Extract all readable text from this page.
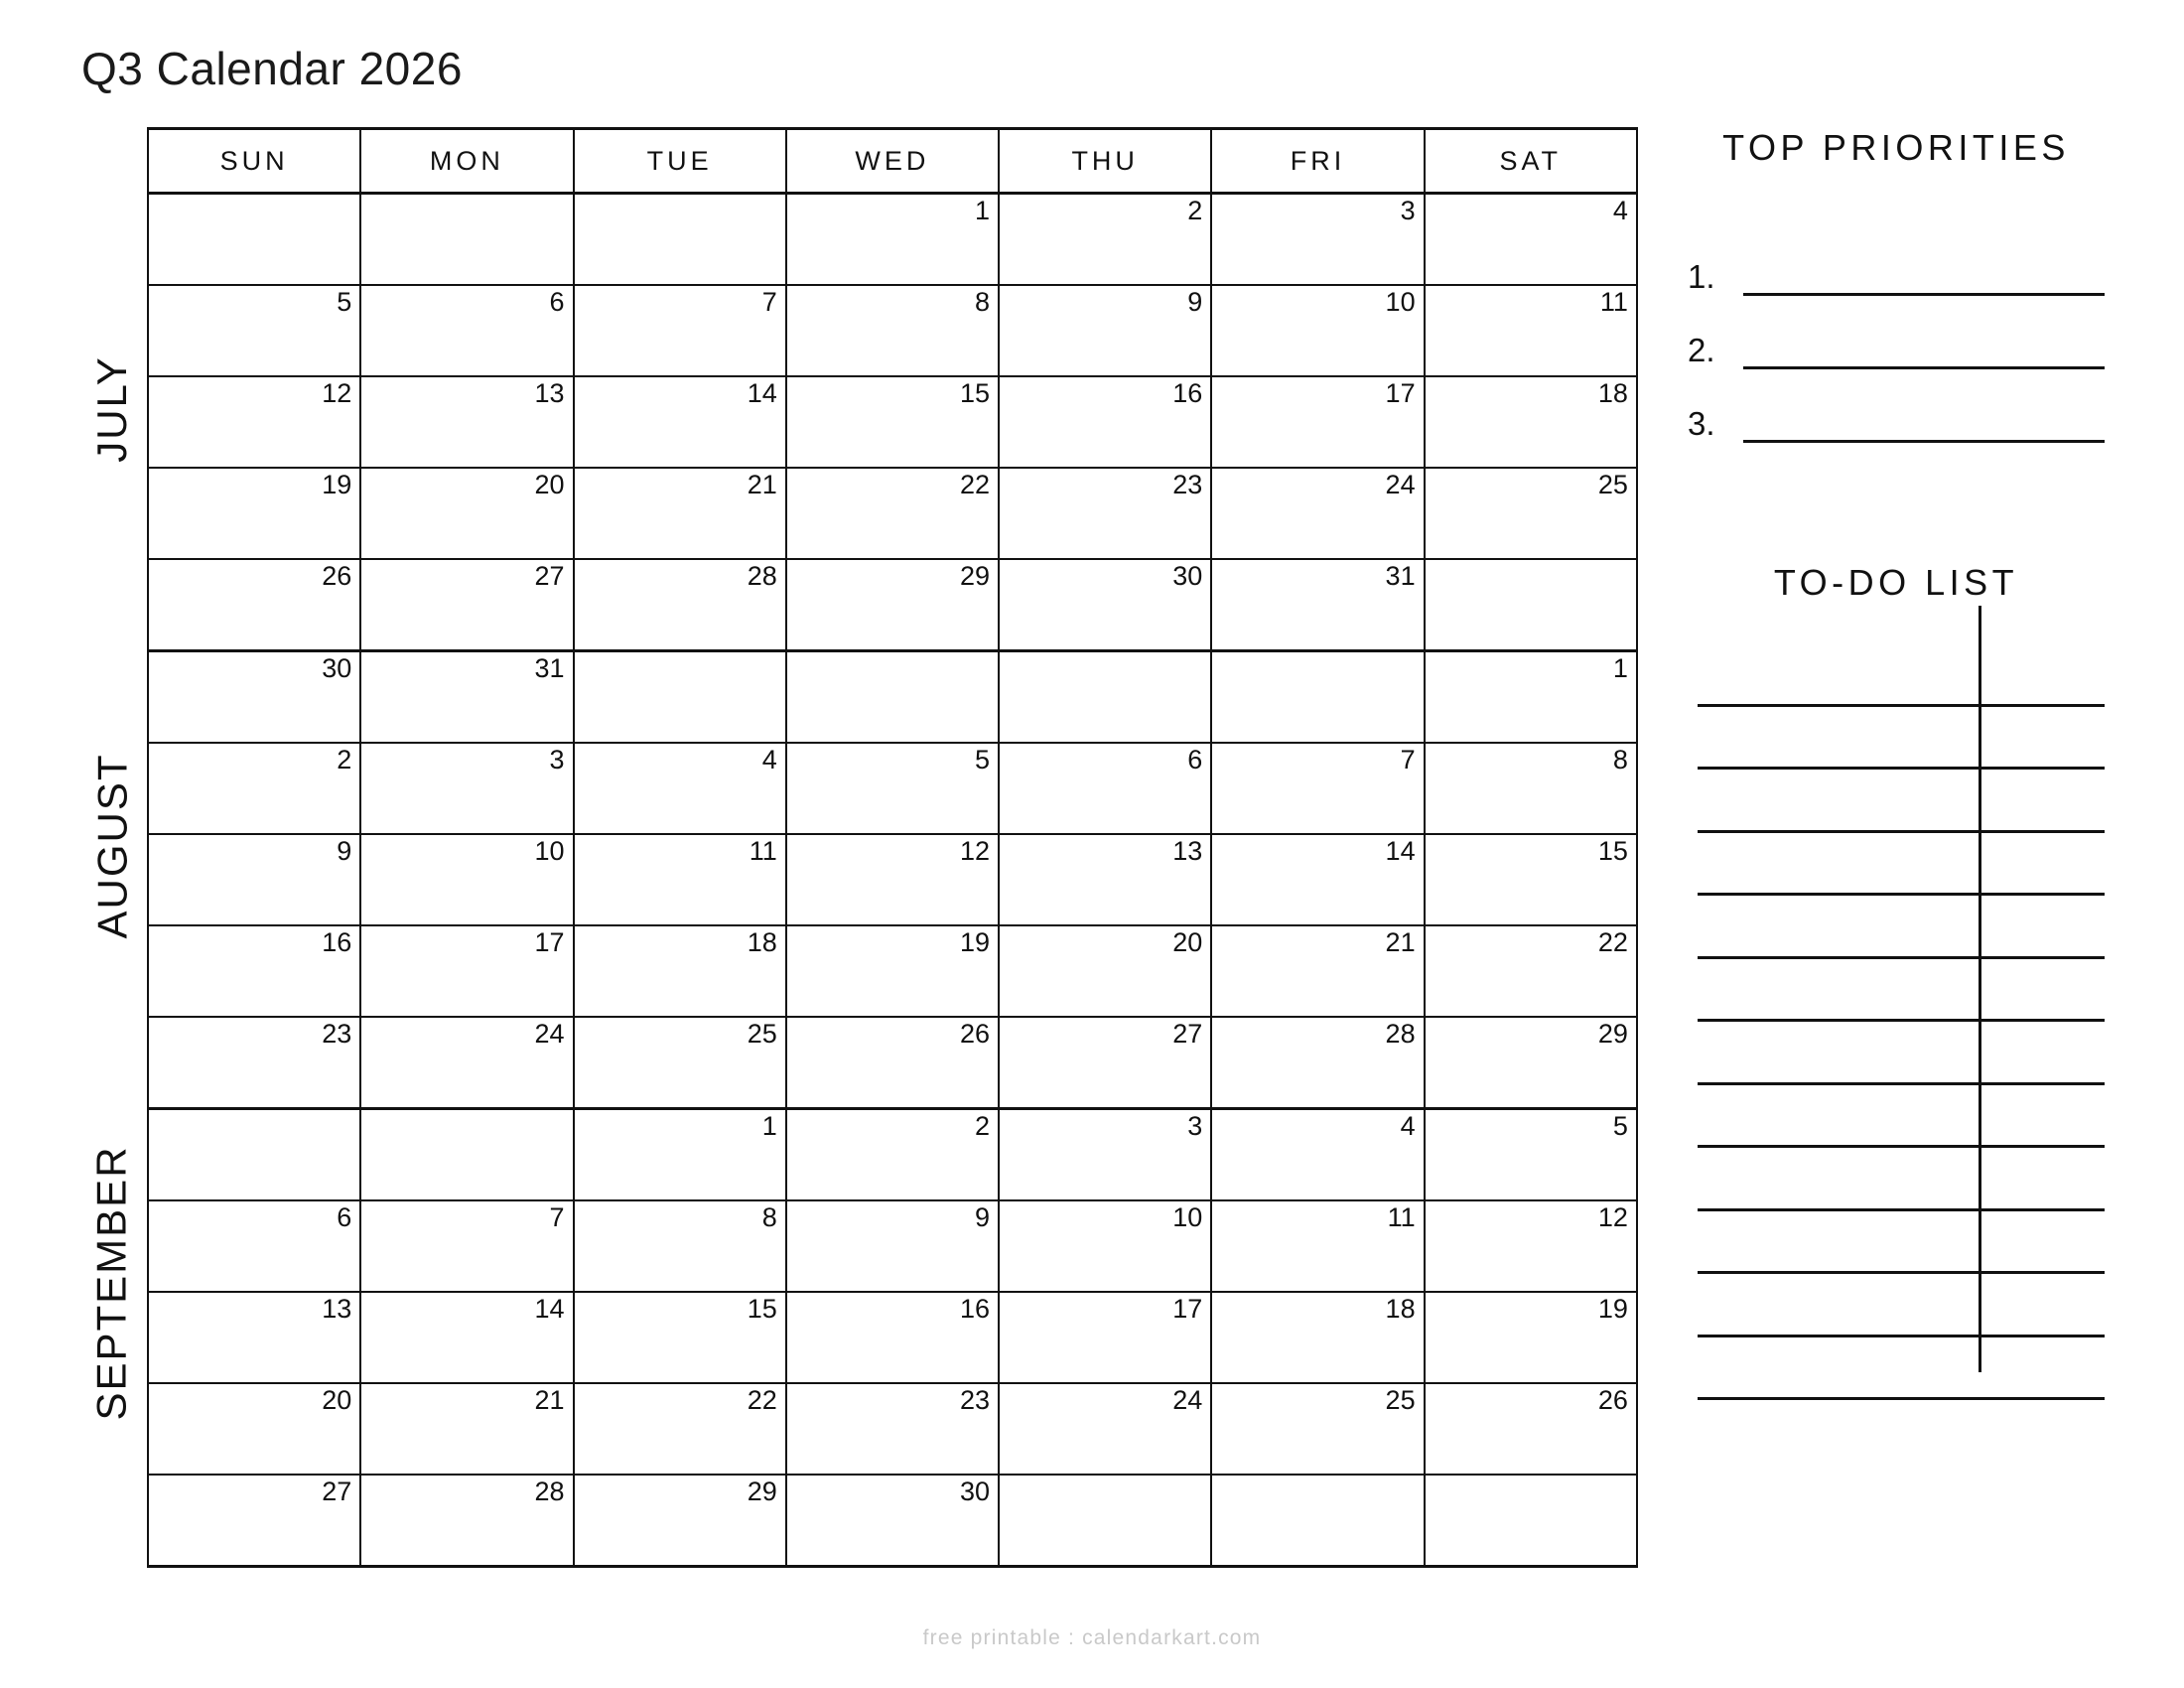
Q3 Calendar 2026
JULY
AUGUST
SEPTEMBER
SUN	MON	TUE	WED	THU	FRI	SAT
			1	2	3	4
5	6	7	8	9	10	11
12	13	14	15	16	17	18
19	20	21	22	23	24	25
26	27	28	29	30	31	
30	31					1
2	3	4	5	6	7	8
9	10	11	12	13	14	15
16	17	18	19	20	21	22
23	24	25	26	27	28	29
		1	2	3	4	5
6	7	8	9	10	11	12
13	14	15	16	17	18	19
20	21	22	23	24	25	26
27	28	29	30			
TOP PRIORITIES
1.
2.
3.
TO-DO LIST
free printable : calendarkart.com
